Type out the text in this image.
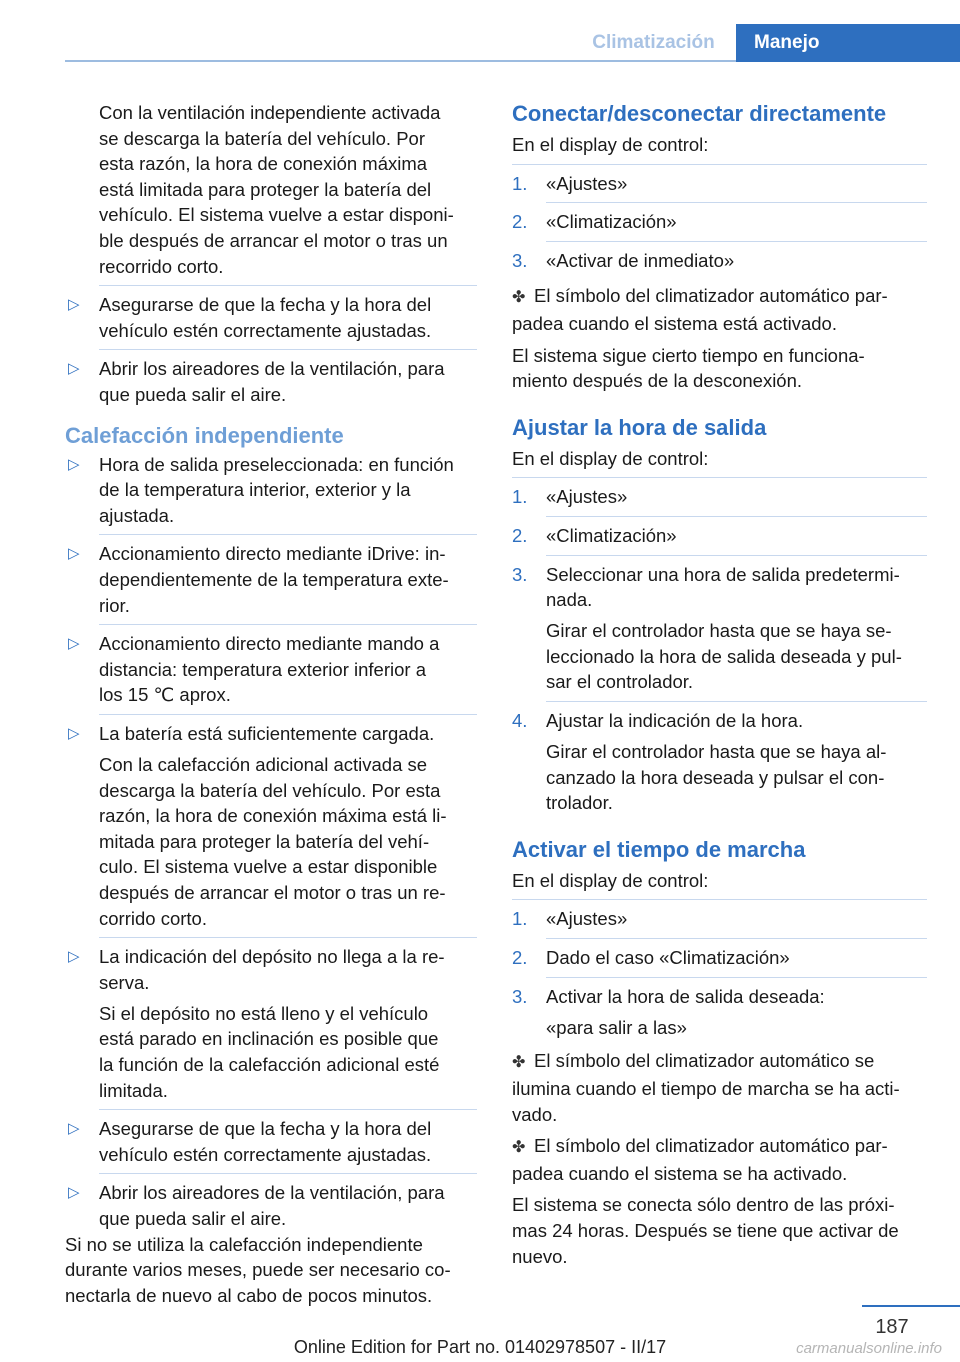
Climatización	Manejo
Con la ventilación independiente activada
se descarga la batería del vehículo. Por
esta razón, la hora de conexión máxima
está limitada para proteger la batería del
vehículo. El sistema vuelve a estar disponi‐
ble después de arrancar el motor o tras un
recorrido corto.
▷ Asegurarse de que la fecha y la hora del
vehículo estén correctamente ajustadas.
▷ Abrir los aireadores de la ventilación, para
que pueda salir el aire.
Calefacción independiente
▷ Hora de salida preseleccionada: en función
de la temperatura interior, exterior y la
ajustada.
▷ Accionamiento directo mediante iDrive: in‐
dependientemente de la temperatura exte‐
rior.
▷ Accionamiento directo mediante mando a
distancia: temperatura exterior inferior a
los 15 ℃ aprox.
▷ La batería está suficientemente cargada.
Con la calefacción adicional activada se
descarga la batería del vehículo. Por esta
razón, la hora de conexión máxima está li‐
mitada para proteger la batería del vehí‐
culo. El sistema vuelve a estar disponible
después de arrancar el motor o tras un re‐
corrido corto.
▷ La indicación del depósito no llega a la re‐
serva.
Si el depósito no está lleno y el vehículo
está parado en inclinación es posible que
la función de la calefacción adicional esté
limitada.
▷ Asegurarse de que la fecha y la hora del
vehículo estén correctamente ajustadas.
▷ Abrir los aireadores de la ventilación, para
que pueda salir el aire.
Si no se utiliza la calefacción independiente
durante varios meses, puede ser necesario co‐
nectarla de nuevo al cabo de pocos minutos.
Conectar/desconectar directamente
En el display de control:
1. «Ajustes»
2. «Climatización»
3. «Activar de inmediato»
✤ El símbolo del climatizador automático par‐
padea cuando el sistema está activado.
El sistema sigue cierto tiempo en funciona‐
miento después de la desconexión.
Ajustar la hora de salida
En el display de control:
1. «Ajustes»
2. «Climatización»
3. Seleccionar una hora de salida predetermi‐
nada.
Girar el controlador hasta que se haya se‐
leccionado la hora de salida deseada y pul‐
sar el controlador.
4. Ajustar la indicación de la hora.
Girar el controlador hasta que se haya al‐
canzado la hora deseada y pulsar el con‐
trolador.
Activar el tiempo de marcha
En el display de control:
1. «Ajustes»
2. Dado el caso «Climatización»
3. Activar la hora de salida deseada:
«para salir a las»
✤ El símbolo del climatizador automático se
ilumina cuando el tiempo de marcha se ha acti‐
vado.
✤ El símbolo del climatizador automático par‐
padea cuando el sistema se ha activado.
El sistema se conecta sólo dentro de las próxi‐
mas 24 horas. Después se tiene que activar de
nuevo.
187
Online Edition for Part no. 01402978507 - II/17	carmanualsonline.info
